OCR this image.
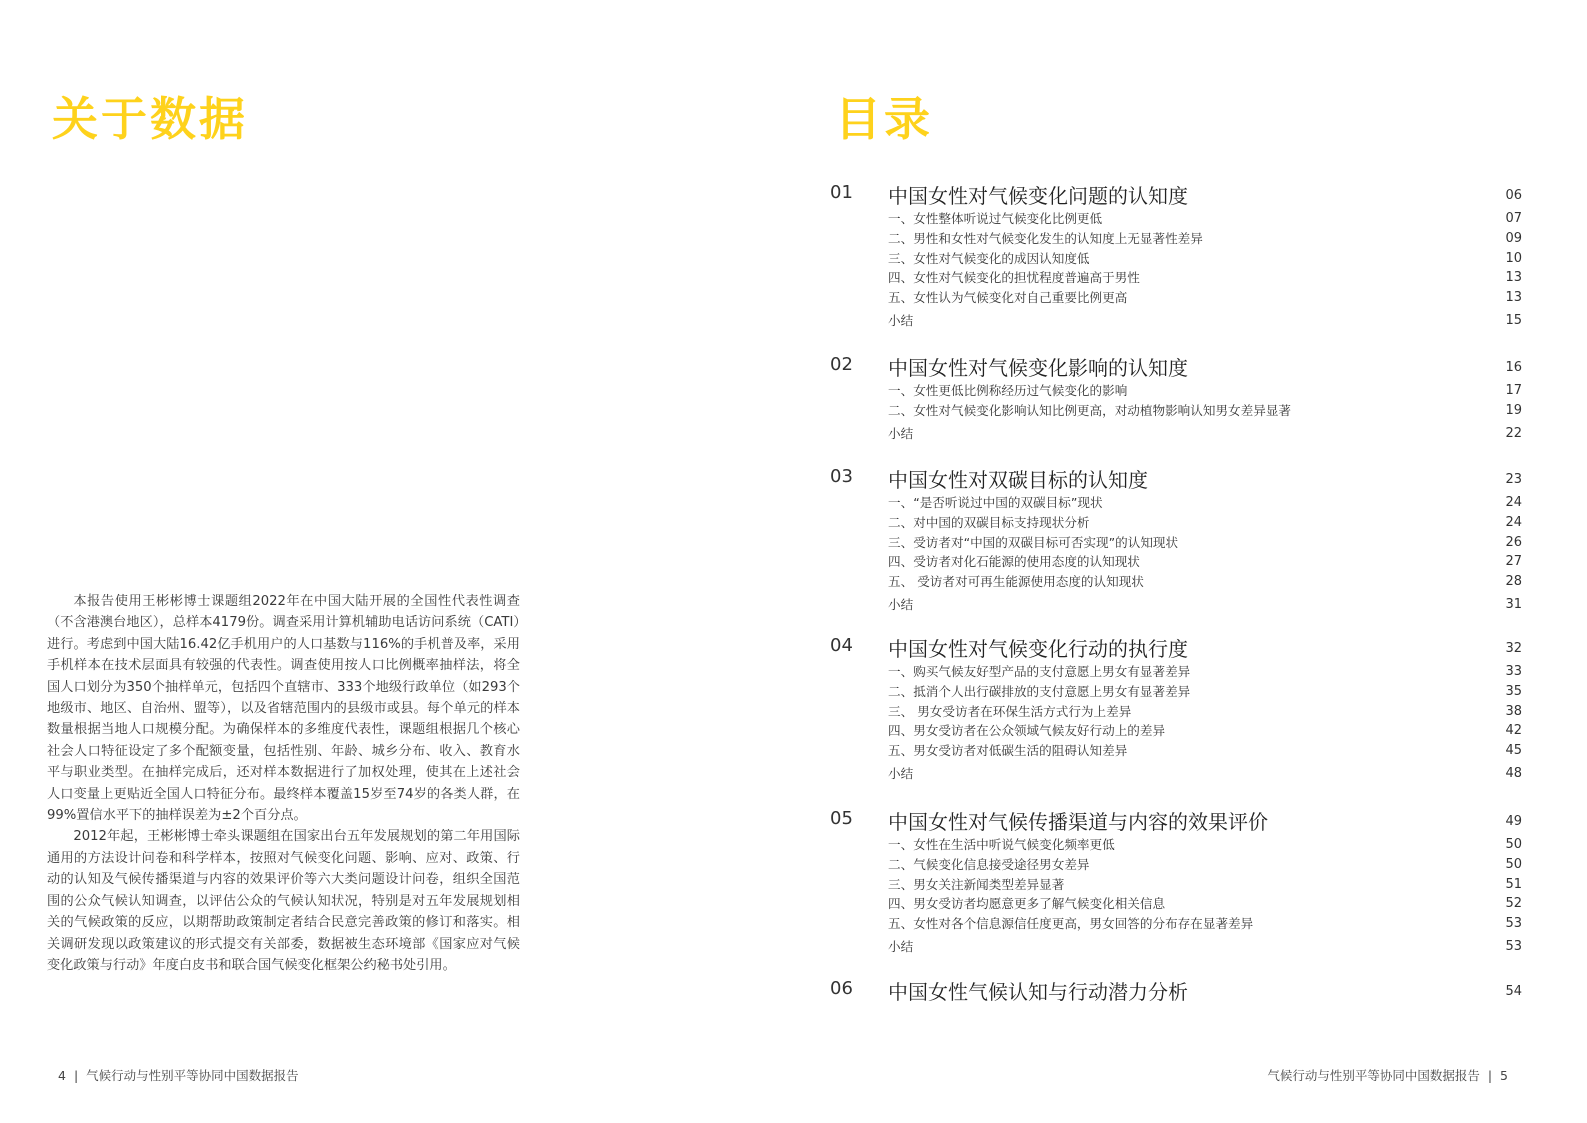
关于数据

本报告使用王彬彬博士课题组2022年在中国大陆开展的全国性代表性调查（不含港澳台地区），总样本4179份。调查采用计算机辅助电话访问系统（CATI）进行。考虑到中国大陆16.42亿手机用户的人口基数与116%的手机普及率，采用手机样本在技术层面具有较强的代表性。调查使用按人口比例概率抽样法，将全国人口划分为350个抽样单元，包括四个直辖市、333个地级行政单位（如293个地级市、地区、自治州、盟等），以及省辖范围内的县级市或县。每个单元的样本数量根据当地人口规模分配。为确保样本的多维度代表性，课题组根据几个核心社会人口特征设定了多个配额变量，包括性别、年龄、城乡分布、收入、教育水平与职业类型。在抽样完成后，还对样本数据进行了加权处理，使其在上述社会人口变量上更贴近全国人口特征分布。最终样本覆盖15岁至74岁的各类人群，在99%置信水平下的抽样误差为±2个百分点。

2012年起，王彬彬博士牵头课题组在国家出台五年发展规划的第二年用国际通用的方法设计问卷和科学样本，按照对气候变化问题、影响、应对、政策、行动的认知及气候传播渠道与内容的效果评价等六大类问题设计问卷，组织全国范围的公众气候认知调查，以评估公众的气候认知状况，特别是对五年发展规划相关的气候政策的反应，以期帮助政策制定者结合民意完善政策的修订和落实。相关调研发现以政策建议的形式提交有关部委，数据被生态环境部《国家应对气候变化政策与行动》年度白皮书和联合国气候变化框架公约秘书处引用。

目录
01 中国女性对气候变化问题的认知度	06
一、女性整体听说过气候变化比例更低	07
二、男性和女性对气候变化发生的认知度上无显著性差异	09
三、女性对气候变化的成因认知度低	10
四、女性对气候变化的担忧程度普遍高于男性	13
五、女性认为气候变化对自己重要比例更高	13
小结	15
02 中国女性对气候变化影响的认知度	16
一、女性更低比例称经历过气候变化的影响	17
二、女性对气候变化影响认知比例更高，对动植物影响认知男女差异显著	19
小结	22
03 中国女性对双碳目标的认知度	23
一、“是否听说过中国的双碳目标”现状	24
二、对中国的双碳目标支持现状分析	24
三、受访者对“中国的双碳目标可否实现”的认知现状	26
四、受访者对化石能源的使用态度的认知现状	27
五、 受访者对可再生能源使用态度的认知现状	28
小结	31
04 中国女性对气候变化行动的执行度	32
一、购买气候友好型产品的支付意愿上男女有显著差异	33
二、抵消个人出行碳排放的支付意愿上男女有显著差异	35
三、 男女受访者在环保生活方式行为上差异	38
四、男女受访者在公众领域气候友好行动上的差异	42
五、男女受访者对低碳生活的阻碍认知差异	45
小结	48
05 中国女性对气候传播渠道与内容的效果评价	49
一、女性在生活中听说气候变化频率更低	50
二、气候变化信息接受途径男女差异	50
三、男女关注新闻类型差异显著	51
四、男女受访者均愿意更多了解气候变化相关信息	52
五、女性对各个信息源信任度更高，男女回答的分布存在显著差异	53
小结	53
06 中国女性气候认知与行动潜力分析	54
4 | 气候行动与性别平等协同中国数据报告	气候行动与性别平等协同中国数据报告 | 5
